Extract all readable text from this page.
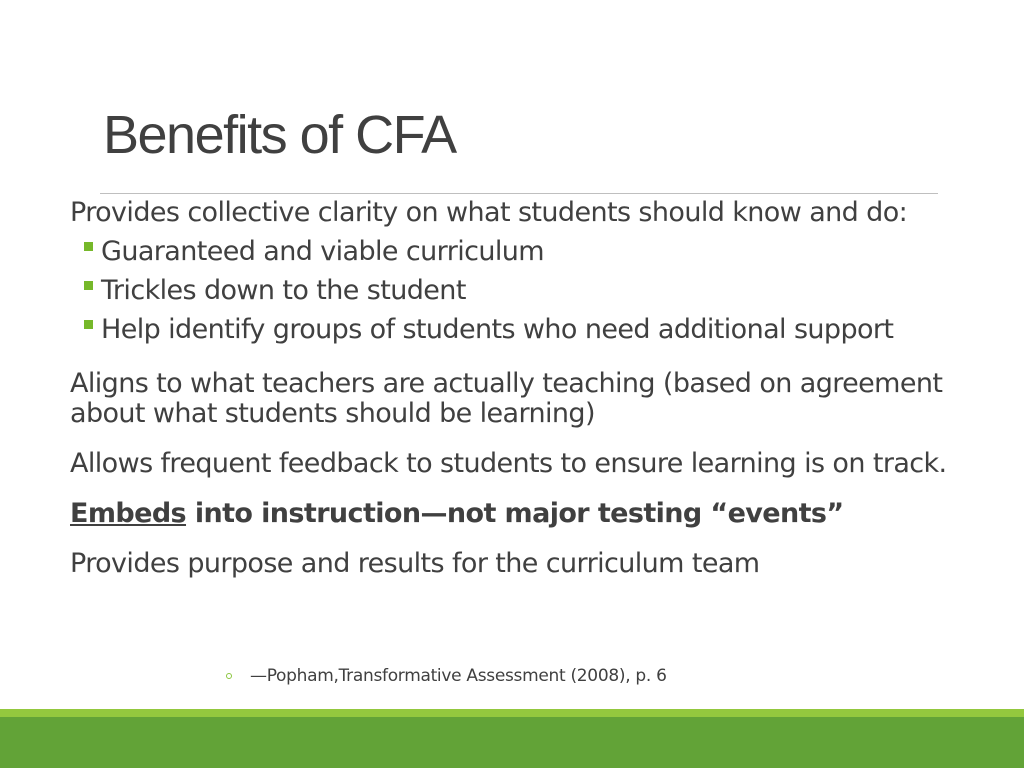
Benefits of CFA

Provides collective clarity on what students should know and do:

Guaranteed and viable curriculum
Trickles down to the student
Help identify groups of students who need additional support

Aligns to what teachers are actually teaching (based on agreement about what students should be learning)

Allows frequent feedback to students to ensure learning is on track.

Embeds into instruction—not major testing “events”

Provides purpose and results for the curriculum team

—Popham,Transformative Assessment (2008), p. 6
